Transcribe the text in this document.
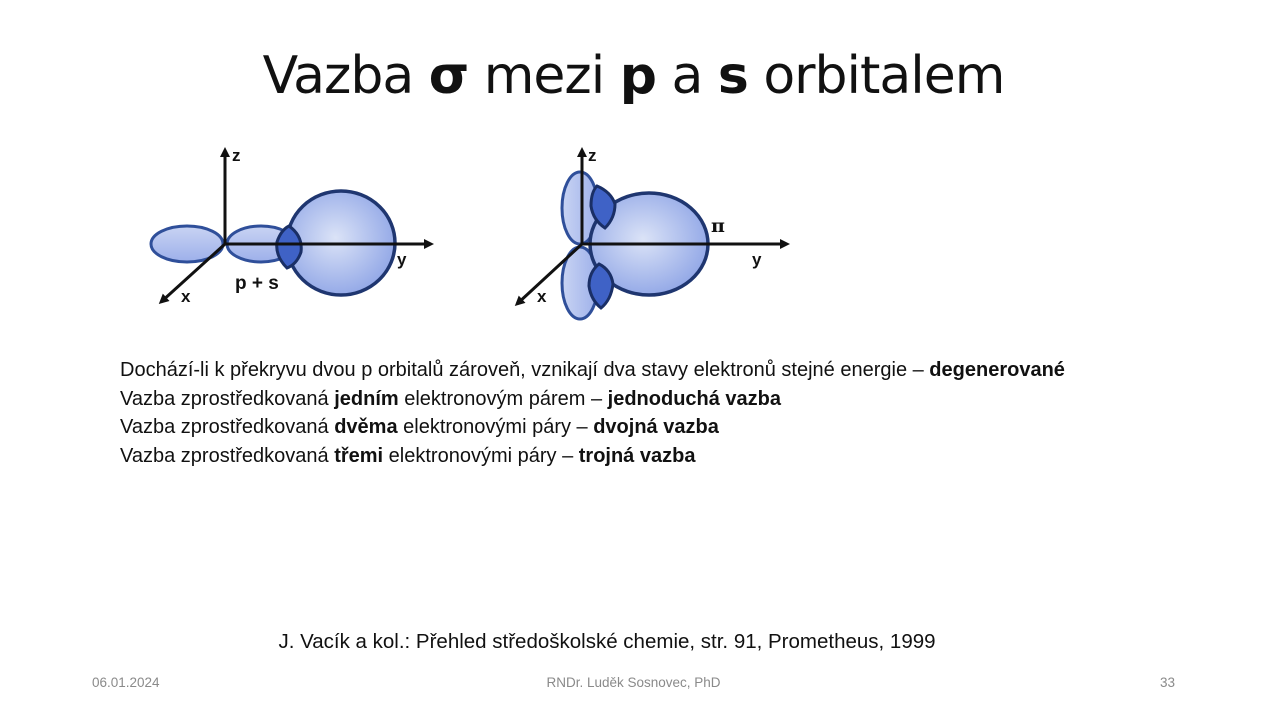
Vazba σ mezi p a s orbitalem
z
y
x
p + s
z
y
x
π
Dochází-li k překryvu dvou p orbitalů zároveň, vznikají dva stavy elektronů stejné energie – degenerované
Vazba zprostředkovaná jedním elektronovým párem – jednoduchá vazba
Vazba zprostředkovaná dvěma elektronovými páry – dvojná vazba
Vazba zprostředkovaná třemi elektronovými páry – trojná vazba
J. Vacík a kol.: Přehled středoškolské chemie, str. 91, Prometheus, 1999
06.01.2024	RNDr. Luděk Sosnovec, PhD	33
